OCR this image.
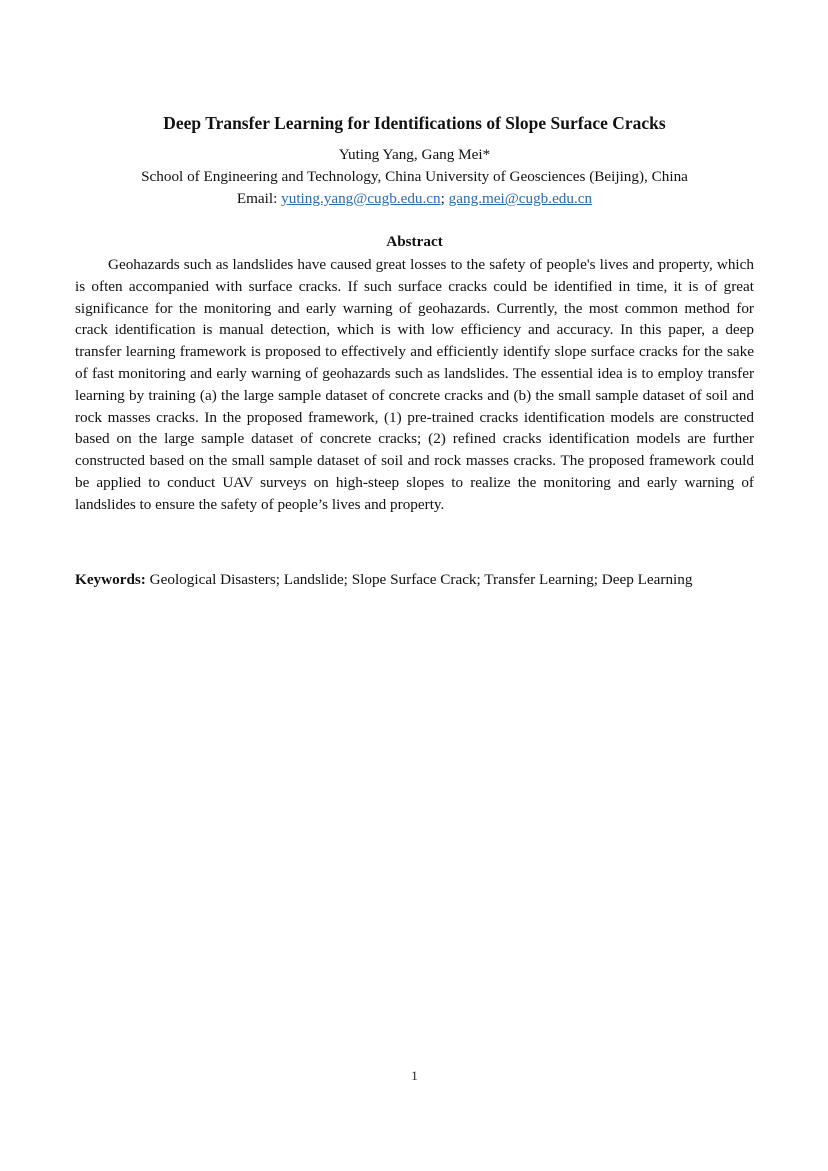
Deep Transfer Learning for Identifications of Slope Surface Cracks
Yuting Yang, Gang Mei*
School of Engineering and Technology, China University of Geosciences (Beijing), China
Email: yuting.yang@cugb.edu.cn; gang.mei@cugb.edu.cn
Abstract
Geohazards such as landslides have caused great losses to the safety of people's lives and property, which is often accompanied with surface cracks. If such surface cracks could be identified in time, it is of great significance for the monitoring and early warning of geohazards. Currently, the most common method for crack identification is manual detection, which is with low efficiency and accuracy. In this paper, a deep transfer learning framework is proposed to effectively and efficiently identify slope surface cracks for the sake of fast monitoring and early warning of geohazards such as landslides. The essential idea is to employ transfer learning by training (a) the large sample dataset of concrete cracks and (b) the small sample dataset of soil and rock masses cracks. In the proposed framework, (1) pre-trained cracks identification models are constructed based on the large sample dataset of concrete cracks; (2) refined cracks identification models are further constructed based on the small sample dataset of soil and rock masses cracks. The proposed framework could be applied to conduct UAV surveys on high-steep slopes to realize the monitoring and early warning of landslides to ensure the safety of people’s lives and property.
Keywords: Geological Disasters; Landslide; Slope Surface Crack; Transfer Learning; Deep Learning
1
